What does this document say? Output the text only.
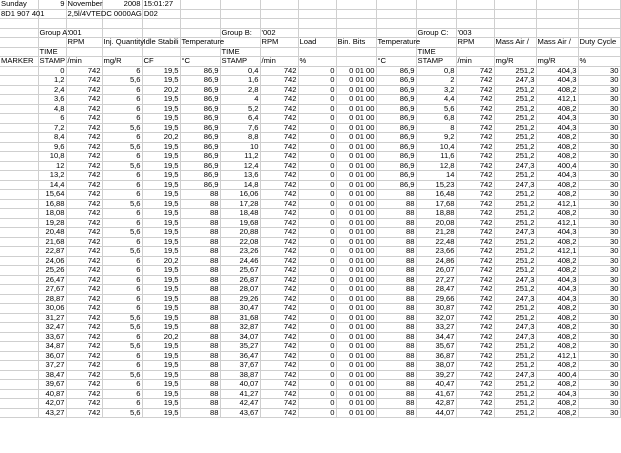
Sunday	9	November	2008	15:01:27											
8D1 907 401		2,5l/4VTEDC 0000AG D02													

	Group A:	'001				Group B:	'002				Group C:	'003			
		RPM	Inj. Quantity	Idle Stabili	Temperature		RPM	Load	Bin. Bits	Temperature		RPM	Mass Air /	Mass Air /	Duty Cycle
	TIME					TIME					TIME				
MARKER	STAMP	/min	mg/R	CF	°C	STAMP	/min	%		°C	STAMP	/min	mg/R	mg/R	%
	0	742	6	19,5	86,9	0,4	742	0	0 01 00	86,9	0,8	742	251,2	404,3	30
	1,2	742	5,6	19,5	86,9	1,6	742	0	0 01 00	86,9	2	742	247,3	404,3	30
	2,4	742	6	20,2	86,9	2,8	742	0	0 01 00	86,9	3,2	742	251,2	408,2	30
	3,6	742	6	19,5	86,9	4	742	0	0 01 00	86,9	4,4	742	251,2	412,1	30
	4,8	742	6	19,5	86,9	5,2	742	0	0 01 00	86,9	5,6	742	251,2	408,2	30
	6	742	6	19,5	86,9	6,4	742	0	0 01 00	86,9	6,8	742	251,2	404,3	30
	7,2	742	5,6	19,5	86,9	7,6	742	0	0 01 00	86,9	8	742	251,2	404,3	30
	8,4	742	6	20,2	86,9	8,8	742	0	0 01 00	86,9	9,2	742	251,2	408,2	30
	9,6	742	5,6	19,5	86,9	10	742	0	0 01 00	86,9	10,4	742	251,2	408,2	30
	10,8	742	6	19,5	86,9	11,2	742	0	0 01 00	86,9	11,6	742	251,2	408,2	30
	12	742	5,6	19,5	86,9	12,4	742	0	0 01 00	86,9	12,8	742	247,3	400,4	30
	13,2	742	6	19,5	86,9	13,6	742	0	0 01 00	86,9	14	742	251,2	404,3	30
	14,4	742	6	19,5	86,9	14,8	742	0	0 01 00	86,9	15,23	742	247,3	408,2	30
	15,64	742	6	19,5	88	16,06	742	0	0 01 00	88	16,48	742	251,2	408,2	30
	16,88	742	5,6	19,5	88	17,28	742	0	0 01 00	88	17,68	742	251,2	412,1	30
	18,08	742	6	19,5	88	18,48	742	0	0 01 00	88	18,88	742	251,2	408,2	30
	19,28	742	6	19,5	88	19,68	742	0	0 01 00	88	20,08	742	251,2	412,1	30
	20,48	742	5,6	19,5	88	20,88	742	0	0 01 00	88	21,28	742	247,3	404,3	30
	21,68	742	6	19,5	88	22,08	742	0	0 01 00	88	22,48	742	251,2	408,2	30
	22,87	742	5,6	19,5	88	23,26	742	0	0 01 00	88	23,66	742	251,2	412,1	30
	24,06	742	6	20,2	88	24,46	742	0	0 01 00	88	24,86	742	251,2	408,2	30
	25,26	742	6	19,5	88	25,67	742	0	0 01 00	88	26,07	742	251,2	408,2	30
	26,47	742	6	19,5	88	26,87	742	0	0 01 00	88	27,27	742	247,3	404,3	30
	27,67	742	6	19,5	88	28,07	742	0	0 01 00	88	28,47	742	251,2	404,3	30
	28,87	742	6	19,5	88	29,26	742	0	0 01 00	88	29,66	742	247,3	404,3	30
	30,06	742	6	19,5	88	30,47	742	0	0 01 00	88	30,87	742	251,2	408,2	30
	31,27	742	5,6	19,5	88	31,68	742	0	0 01 00	88	32,07	742	251,2	408,2	30
	32,47	742	5,6	19,5	88	32,87	742	0	0 01 00	88	33,27	742	247,3	408,2	30
	33,67	742	6	20,2	88	34,07	742	0	0 01 00	88	34,47	742	247,3	408,2	30
	34,87	742	5,6	19,5	88	35,27	742	0	0 01 00	88	35,67	742	251,2	408,2	30
	36,07	742	6	19,5	88	36,47	742	0	0 01 00	88	36,87	742	251,2	412,1	30
	37,27	742	6	19,5	88	37,67	742	0	0 01 00	88	38,07	742	251,2	408,2	30
	38,47	742	5,6	19,5	88	38,87	742	0	0 01 00	88	39,27	742	247,3	400,4	30
	39,67	742	6	19,5	88	40,07	742	0	0 01 00	88	40,47	742	251,2	408,2	30
	40,87	742	6	19,5	88	41,27	742	0	0 01 00	88	41,67	742	251,2	404,3	30
	42,07	742	6	19,5	88	42,47	742	0	0 01 00	88	42,87	742	251,2	408,2	30
	43,27	742	5,6	19,5	88	43,67	742	0	0 01 00	88	44,07	742	251,2	408,2	30
